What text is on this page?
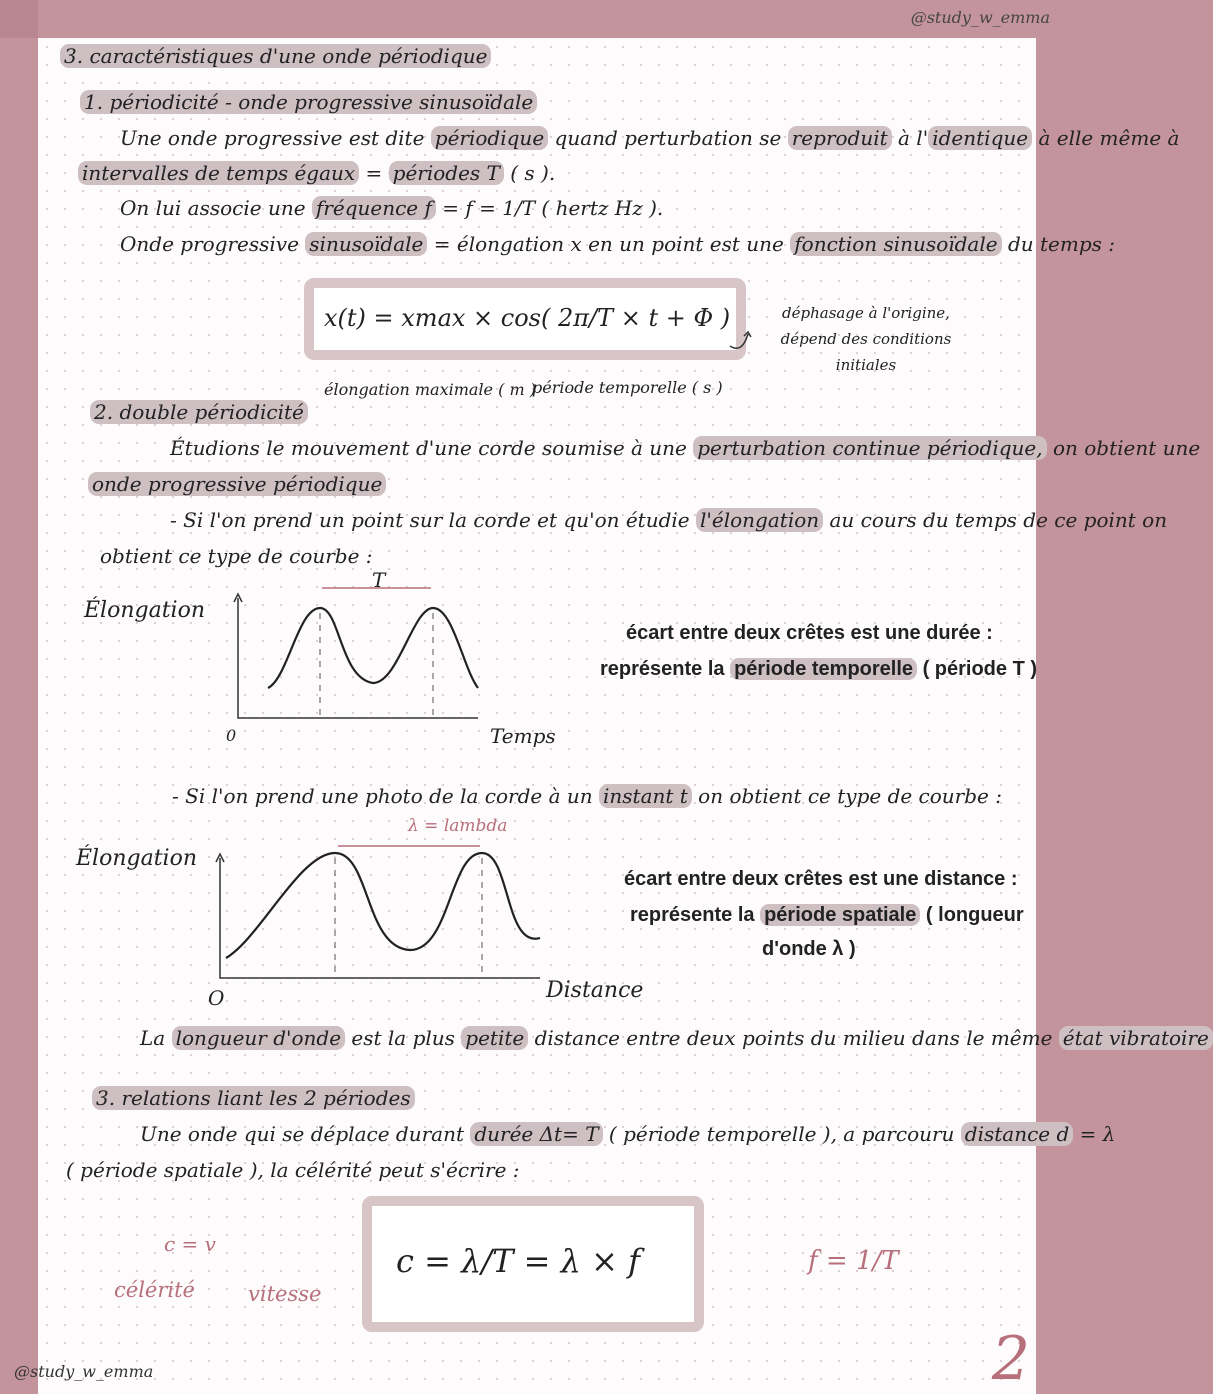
@study_w_emma
3. caractéristiques d'une onde périodique
1. périodicité - onde progressive sinusoïdale
Une onde progressive est dite périodique quand perturbation se reproduit à l' identique à elle même à
intervalles de temps égaux = périodes T ( s ).
On lui associe une fréquence f = f = 1/T ( hertz Hz ).
Onde progressive sinusoïdale = élongation x en un point est une fonction sinusoïdale du temps :
x(t) = xmax × cos( 2π/T × t + Φ )	déphasage à l'origine, dépend des conditions initiales
élongation maximale ( m )
période temporelle ( s )
2. double périodicité
Étudions le mouvement d'une corde soumise à une perturbation continue périodique, on obtient une
onde progressive périodique
- Si l'on prend un point sur la corde et qu'on étudie l'élongation au cours du temps de ce point on
obtient ce type de courbe :
Élongation
0	Temps
T
écart entre deux crêtes est une durée :
représente la période temporelle ( période T )
- Si l'on prend une photo de la corde à un instant t on obtient ce type de courbe :
λ = lambda
Élongation
O	Distance
écart entre deux crêtes est une distance :
représente la période spatiale ( longueur
d'onde λ )
La longueur d'onde est la plus petite distance entre deux points du milieu dans le même état vibratoire
3. relations liant les 2 périodes
Une onde qui se déplace durant durée Δt= T ( période temporelle ), a parcouru distance d = λ
( période spatiale ), la célérité peut s'écrire :
c = v
célérité	vitesse
c = λ/T = λ × f	f = 1/T
2
@study_w_emma
